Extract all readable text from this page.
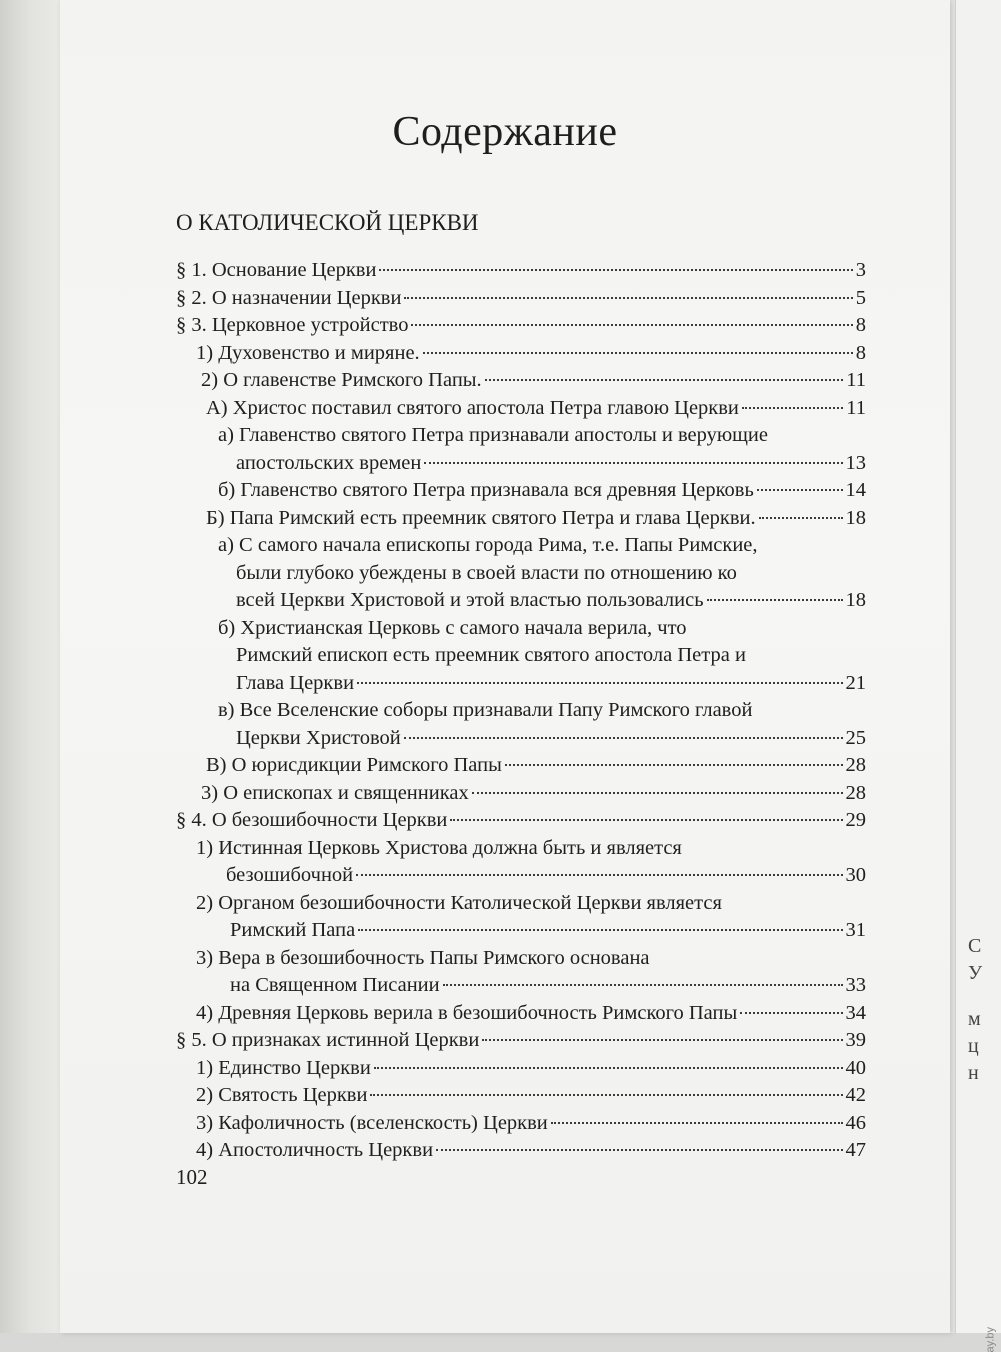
С
У
м
ц
н
Содержание
О КАТОЛИЧЕСКОЙ ЦЕРКВИ
§ 1. Основание Церкви	3
§ 2. О назначении Церкви	5
§ 3. Церковное устройство	8
1) Духовенство и миряне.	8
2) О главенстве Римского Папы.	11
А) Христос поставил святого апостола Петра главою Церкви	11
а) Главенство святого Петра признавали апостолы и верующие
апостольских времен	13
б) Главенство святого Петра признавала вся древняя Церковь	14
Б) Папа Римский есть преемник святого Петра и глава Церкви.	18
а) С самого начала епископы города Рима, т.е. Папы Римские,
были глубоко убеждены в своей власти по отношению ко
всей Церкви Христовой и этой властью пользовались	18
б) Христианская Церковь с самого начала верила, что
Римский епископ есть преемник святого апостола Петра и
Глава Церкви	21
в) Все Вселенские соборы признавали Папу Римского главой
Церкви Христовой	25
В) О юрисдикции Римского Папы	28
3) О епископах и священниках	28
§ 4. О безошибочности Церкви	29
1) Истинная Церковь Христова должна быть и является
безошибочной	30
2) Органом безошибочности Католической Церкви является
Римский Папа	31
3) Вера в безошибочность Папы Римского основана
на Священном Писании	33
4) Древняя Церковь верила в безошибочность Римского Папы	34
§ 5. О признаках истинной Церкви	39
1) Единство Церкви	40
2) Святость Церкви	42
3) Кафоличность (вселенскость) Церкви	46
4) Апостоличность Церкви	47
102
ay.by
